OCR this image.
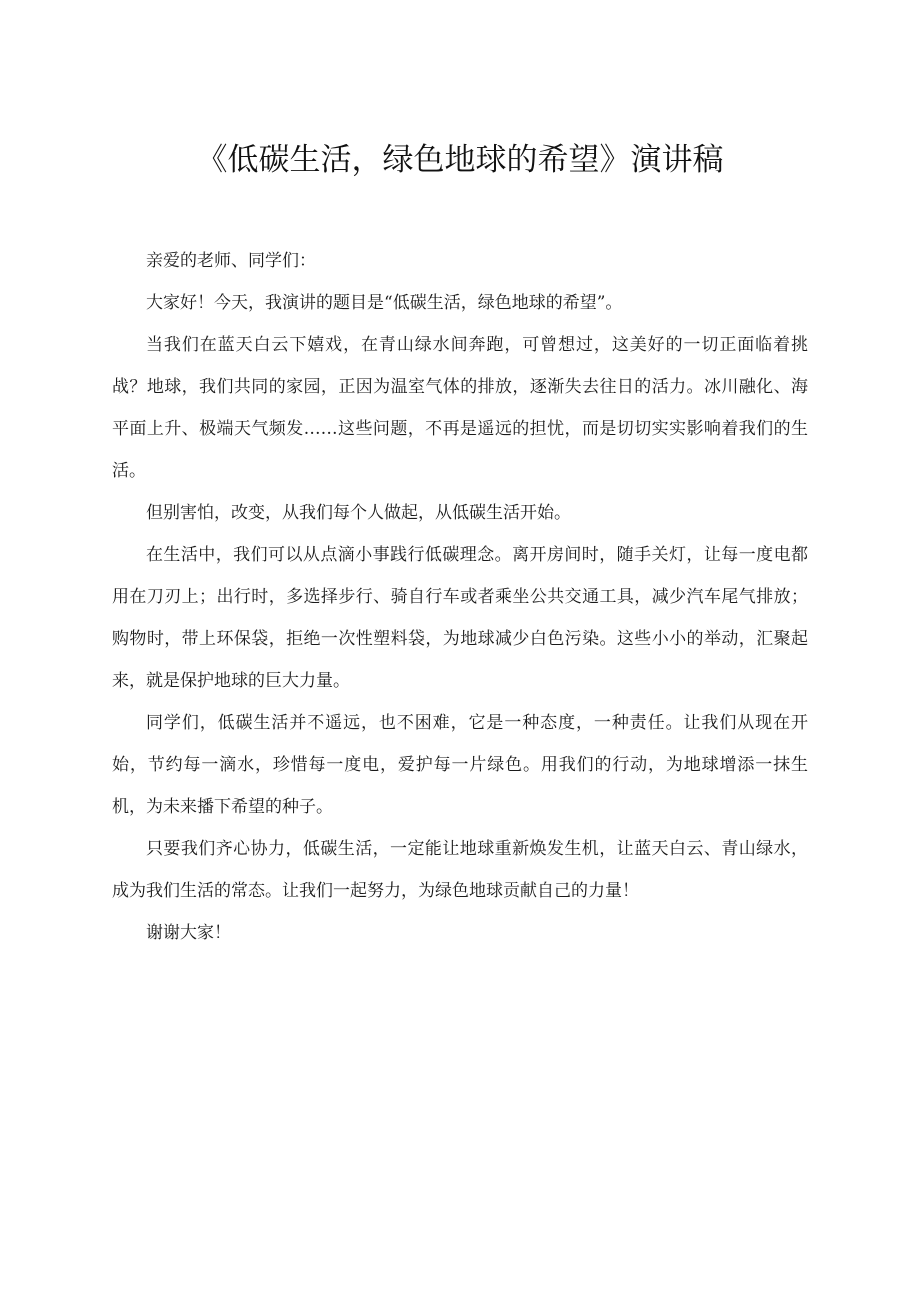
《低碳生活，绿色地球的希望》演讲稿

亲爱的老师、同学们：

大家好！今天，我演讲的题目是“低碳生活，绿色地球的希望”。

当我们在蓝天白云下嬉戏，在青山绿水间奔跑，可曾想过，这美好的一切正面临着挑战？地球，我们共同的家园，正因为温室气体的排放，逐渐失去往日的活力。冰川融化、海平面上升、极端天气频发……这些问题，不再是遥远的担忧，而是切切实实影响着我们的生活。

但别害怕，改变，从我们每个人做起，从低碳生活开始。

在生活中，我们可以从点滴小事践行低碳理念。离开房间时，随手关灯，让每一度电都用在刀刃上；出行时，多选择步行、骑自行车或者乘坐公共交通工具，减少汽车尾气排放；购物时，带上环保袋，拒绝一次性塑料袋，为地球减少白色污染。这些小小的举动，汇聚起来，就是保护地球的巨大力量。

同学们，低碳生活并不遥远，也不困难，它是一种态度，一种责任。让我们从现在开始，节约每一滴水，珍惜每一度电，爱护每一片绿色。用我们的行动，为地球增添一抹生机，为未来播下希望的种子。

只要我们齐心协力，低碳生活，一定能让地球重新焕发生机，让蓝天白云、青山绿水，成为我们生活的常态。让我们一起努力，为绿色地球贡献自己的力量！

谢谢大家！
